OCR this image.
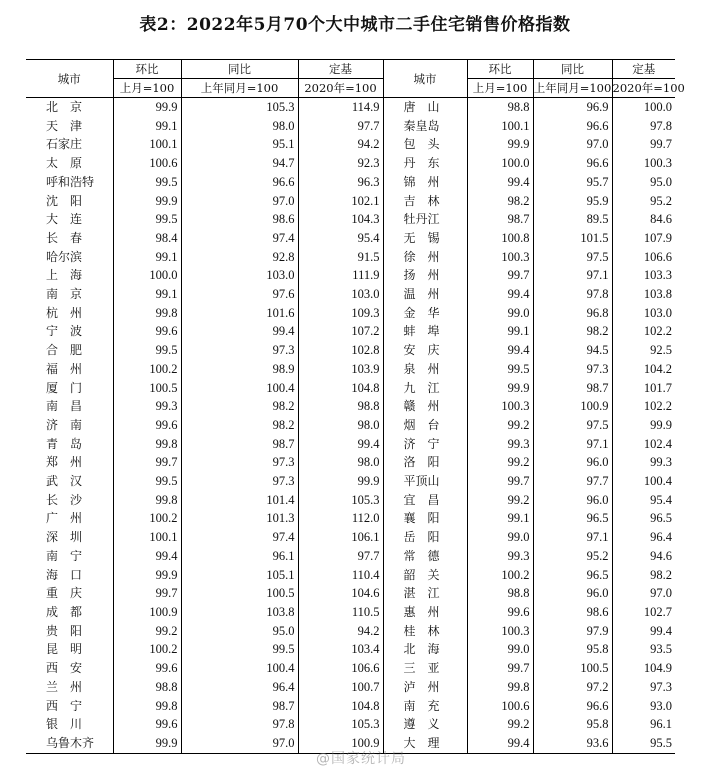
表2：2022年5月70个大中城市二手住宅销售价格指数
城市	环比	同比	定基	城市	环比	同比	定基
	上月=100	上年同月=100	2020年=100		上月=100	上年同月=100	2020年=100
北　京	99.9	105.3	114.9	唐　山	98.8	96.9	100.0
天　津	99.1	98.0	97.7	秦皇岛	100.1	96.6	97.8
石家庄	100.1	95.1	94.2	包　头	99.9	97.0	99.7
太　原	100.6	94.7	92.3	丹　东	100.0	96.6	100.3
呼和浩特	99.5	96.6	96.3	锦　州	99.4	95.7	95.0
沈　阳	99.9	97.0	102.1	吉　林	98.2	95.9	95.2
大　连	99.5	98.6	104.3	牡丹江	98.7	89.5	84.6
长　春	98.4	97.4	95.4	无　锡	100.8	101.5	107.9
哈尔滨	99.1	92.8	91.5	徐　州	100.3	97.5	106.6
上　海	100.0	103.0	111.9	扬　州	99.7	97.1	103.3
南　京	99.1	97.6	103.0	温　州	99.4	97.8	103.8
杭　州	99.8	101.6	109.3	金　华	99.0	96.8	103.0
宁　波	99.6	99.4	107.2	蚌　埠	99.1	98.2	102.2
合　肥	99.5	97.3	102.8	安　庆	99.4	94.5	92.5
福　州	100.2	98.9	103.9	泉　州	99.5	97.3	104.2
厦　门	100.5	100.4	104.8	九　江	99.9	98.7	101.7
南　昌	99.3	98.2	98.8	赣　州	100.3	100.9	102.2
济　南	99.6	98.2	98.0	烟　台	99.2	97.5	99.9
青　岛	99.8	98.7	99.4	济　宁	99.3	97.1	102.4
郑　州	99.7	97.3	98.0	洛　阳	99.2	96.0	99.3
武　汉	99.5	97.3	99.9	平顶山	99.7	97.7	100.4
长　沙	99.8	101.4	105.3	宜　昌	99.2	96.0	95.4
广　州	100.2	101.3	112.0	襄　阳	99.1	96.5	96.5
深　圳	100.1	97.4	106.1	岳　阳	99.0	97.1	96.4
南　宁	99.4	96.1	97.7	常　德	99.3	95.2	94.6
海　口	99.9	105.1	110.4	韶　关	100.2	96.5	98.2
重　庆	99.7	100.5	104.6	湛　江	98.8	96.0	97.0
成　都	100.9	103.8	110.5	惠　州	99.6	98.6	102.7
贵　阳	99.2	95.0	94.2	桂　林	100.3	97.9	99.4
昆　明	100.2	99.5	103.4	北　海	99.0	95.8	93.5
西　安	99.6	100.4	106.6	三　亚	99.7	100.5	104.9
兰　州	98.8	96.4	100.7	泸　州	99.8	97.2	97.3
西　宁	99.8	98.7	104.8	南　充	100.6	96.6	93.0
银　川	99.6	97.8	105.3	遵　义	99.2	95.8	96.1
乌鲁木齐	99.9	97.0	100.9	大　理	99.4	93.6	95.5
@国家统计局
